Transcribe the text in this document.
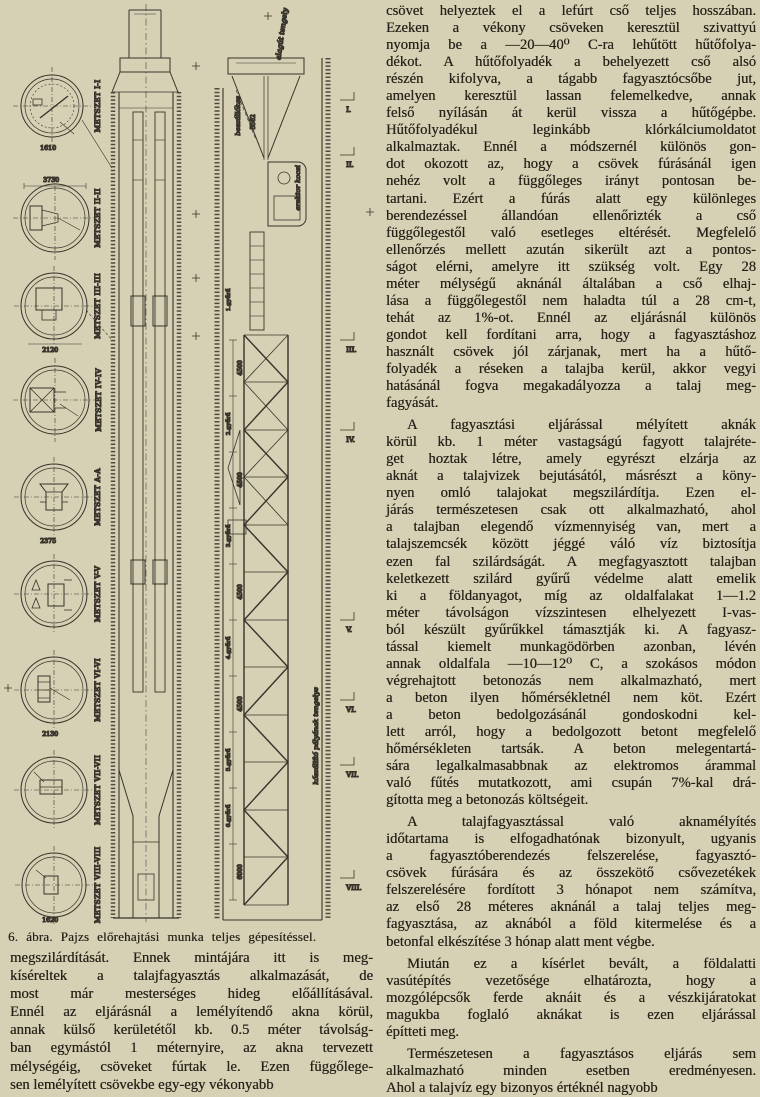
METSZET I-I
1610
METSZET II-II
3730
METSZET III-III
2120
METSZET IV-IV
METSZET A-A
2375
METSZET V-V
METSZET VI-VI
2130
METSZET VII-VII
METSZET VIII-VIII
1620
4500
4500
4500
4500
6000
1.gyűrű
2.gyűrű
3.gyűrű
4.gyűrű
5.gyűrű
6.gyűrű
5562
alagút tengely
beszállókas
erektor kocsi
kőszállító pályának tengelye
I.
II.
III.
IV.
V.
VI.
VII.
VIII.
6. ábra. Pajzs előrehajtási munka teljes gépesítéssel.
megszilárdítását. Ennek mintájára itt is meg-
kíséreltek a talajfagyasztás alkalmazását, de
most már mesterséges hideg előállításával.
Ennél az eljárásnál a lemélyítendő akna körül,
annak külső kerületétől kb. 0.5 méter távolság-
ban egymástól 1 méternyire, az akna tervezett
mélységéig, csöveket fúrtak le. Ezen függőlege-
sen lemélyített csövekbe egy-egy vékonyabb
csövet helyeztek el a lefúrt cső teljes hosszában.
Ezeken a vékony csöveken keresztül szivattyú
nyomja be a —20—40⁰ C-ra lehűtött hűtőfolya-
dékot. A hűtőfolyadék a behelyezett cső alsó
részén kifolyva, a tágabb fagyasztócsőbe jut,
amelyen keresztül lassan felemelkedve, annak
felső nyílásán át kerül vissza a hűtőgépbe.
Hűtőfolyadékul leginkább klórkálciumoldatot
alkalmaztak. Ennél a módszernél különös gon-
dot okozott az, hogy a csövek fúrásánál igen
nehéz volt a függőleges irányt pontosan be-
tartani. Ezért a fúrás alatt egy különleges
berendezéssel állandóan ellenőrizték a cső
függőlegestől való esetleges eltérését. Megfelelő
ellenőrzés mellett azután sikerült azt a pontos-
ságot elérni, amelyre itt szükség volt. Egy 28
méter mélységű aknánál általában a cső elhaj-
lása a függőlegestől nem haladta túl a 28 cm-t,
tehát az 1%-ot. Ennél az eljárásnál különös
gondot kell fordítani arra, hogy a fagyasztáshoz
használt csövek jól zárjanak, mert ha a hűtő-
folyadék a réseken a talajba kerül, akkor vegyi
hatásánál fogva megakadályozza a talaj meg-
fagyását.
A fagyasztási eljárással mélyített aknák
körül kb. 1 méter vastagságú fagyott talajréte-
get hoztak létre, amely egyrészt elzárja az
aknát a talajvizek bejutásától, másrészt a köny-
nyen omló talajokat megszilárdítja. Ezen el-
járás természetesen csak ott alkalmazható, ahol
a talajban elegendő vízmennyiség van, mert a
talajszemcsék között jéggé váló víz biztosítja
ezen fal szilárdságát. A megfagyasztott talajban
keletkezett szilárd gyűrű védelme alatt emelik
ki a földanyagot, míg az oldalfalakat 1—1.2
méter távolságon vízszintesen elhelyezett I-vas-
ból készült gyűrűkkel támasztják ki. A fagyasz-
tással kiemelt munkagödörben azonban, lévén
annak oldalfala —10—12⁰ C, a szokásos módon
végrehajtott betonozás nem alkalmazható, mert
a beton ilyen hőmérsékletnél nem köt. Ezért
a beton bedolgozásánál gondoskodni kel-
lett arról, hogy a bedolgozott betont megfelelő
hőmérsékleten tartsák. A beton melegentartá-
sára legalkalmasabbnak az elektromos árammal
való fűtés mutatkozott, ami csupán 7%-kal drá-
gította meg a betonozás költségeit.
A talajfagyasztással való aknamélyítés
időtartama is elfogadhatónak bizonyult, ugyanis
a fagyasztóberendezés felszerelése, fagyasztó-
csövek fúrására és az összekötő csővezetékek
felszerelésére fordított 3 hónapot nem számítva,
az első 28 méteres aknánál a talaj teljes meg-
fagyasztása, az aknából a föld kitermelése és a
betonfal elkészítése 3 hónap alatt ment végbe.
Miután ez a kísérlet bevált, a földalatti
vasútépítés vezetősége elhatározta, hogy a
mozgólépcsők ferde aknáit és a vészkijáratokat
magukba foglaló aknákat is ezen eljárással
építteti meg.
Természetesen a fagyasztásos eljárás sem
alkalmazható minden esetben eredményesen.
Ahol a talajvíz egy bizonyos értéknél nagyobb
